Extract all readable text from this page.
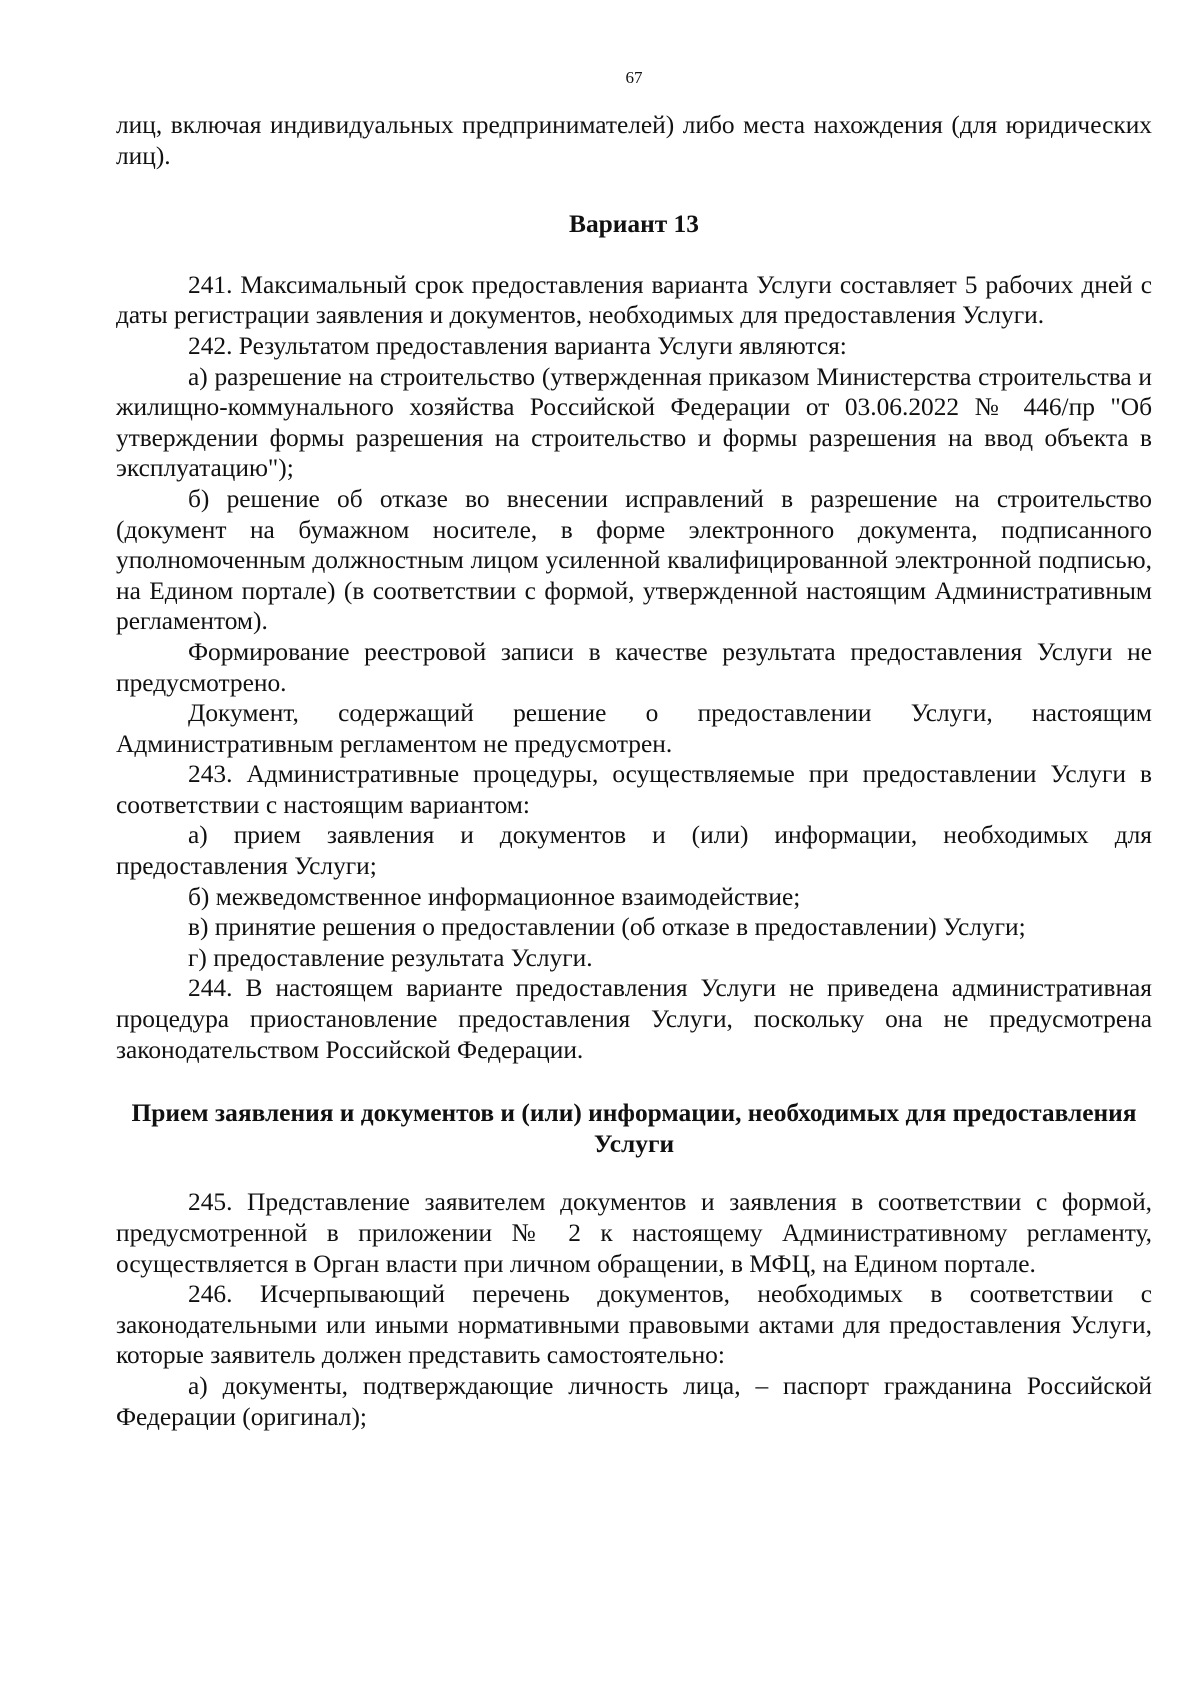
67

лиц, включая индивидуальных предпринимателей) либо места нахождения (для юридических лиц).

Вариант 13

241. Максимальный срок предоставления варианта Услуги составляет 5 рабочих дней с даты регистрации заявления и документов, необходимых для предоставления Услуги.

242. Результатом предоставления варианта Услуги являются:

а) разрешение на строительство (утвержденная приказом Министерства строительства и жилищно-коммунального хозяйства Российской Федерации от 03.06.2022 № 446/пр "Об утверждении формы разрешения на строительство и формы разрешения на ввод объекта в эксплуатацию");

б) решение об отказе во внесении исправлений в разрешение на строительство (документ на бумажном носителе, в форме электронного документа, подписанного уполномоченным должностным лицом усиленной квалифицированной электронной подписью, на Едином портале) (в соответствии с формой, утвержденной настоящим Административным регламентом).

Формирование реестровой записи в качестве результата предоставления Услуги не предусмотрено.

Документ, содержащий решение о предоставлении Услуги, настоящим Административным регламентом не предусмотрен.

243. Административные процедуры, осуществляемые при предоставлении Услуги в соответствии с настоящим вариантом:

а) прием заявления и документов и (или) информации, необходимых для предоставления Услуги;

б) межведомственное информационное взаимодействие;

в) принятие решения о предоставлении (об отказе в предоставлении) Услуги;

г) предоставление результата Услуги.

244. В настоящем варианте предоставления Услуги не приведена административная процедура приостановление предоставления Услуги, поскольку она не предусмотрена законодательством Российской Федерации.

Прием заявления и документов и (или) информации, необходимых для предоставления Услуги

245. Представление заявителем документов и заявления в соответствии с формой, предусмотренной в приложении № 2 к настоящему Административному регламенту, осуществляется в Орган власти при личном обращении, в МФЦ, на Едином портале.

246. Исчерпывающий перечень документов, необходимых в соответствии с законодательными или иными нормативными правовыми актами для предоставления Услуги, которые заявитель должен представить самостоятельно:

а) документы, подтверждающие личность лица, – паспорт гражданина Российской Федерации (оригинал);
